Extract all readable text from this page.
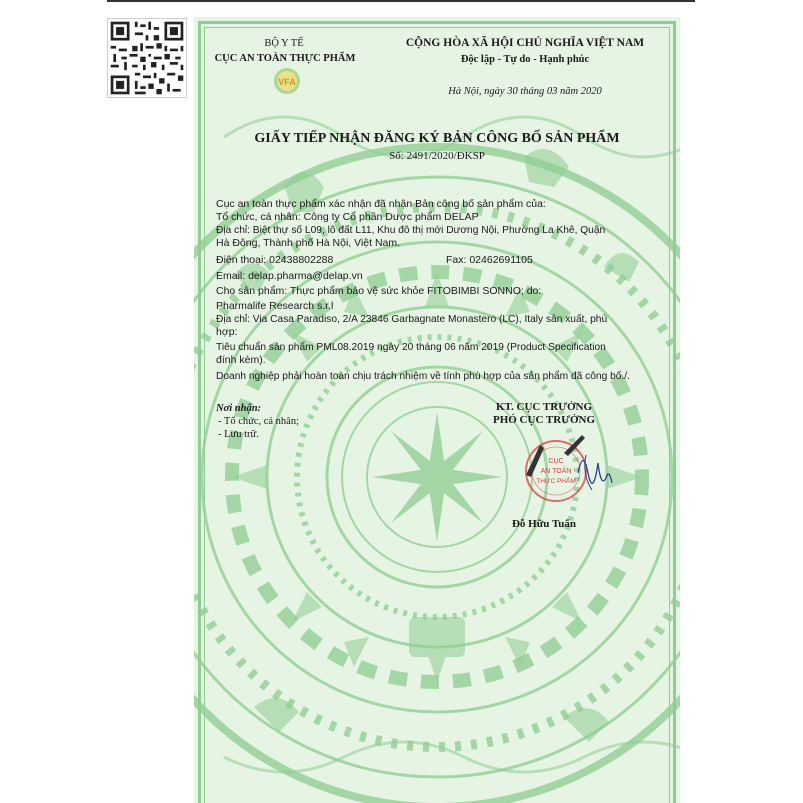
BỘ Y TẾ
CỤC AN TOÀN THỰC PHẨM
VFA
CỘNG HÒA XÃ HỘI CHỦ NGHĨA VIỆT NAM
Độc lập - Tự do - Hạnh phúc
Hà Nội, ngày 30 tháng 03 năm 2020
GIẤY TIẾP NHẬN ĐĂNG KÝ BẢN CÔNG BỐ SẢN PHẨM
Số: 2491/2020/ĐKSP
Cục an toàn thực phẩm xác nhận đã nhận Bản công bố sản phẩm của:
Tổ chức, cá nhân: Công ty Cổ phần Dược phẩm DELAP
Địa chỉ: Biệt thự số L09, lô đất L11, Khu đô thị mới Dương Nội, Phường La Khê, Quận
Hà Đông, Thành phố Hà Nội, Việt Nam.
Điện thoại: 02438802288	Fax: 02462691105
Email: delap.pharma@delap.vn
Cho sản phẩm: Thực phẩm bảo vệ sức khỏe FITOBIMBI SONNO; do:
Pharmalife Research s.r.l
Địa chỉ: Via Casa Paradiso, 2/A 23846 Garbagnate Monastero (LC), Italy sản xuất, phù
hợp:
Tiêu chuẩn sản phẩm PML08.2019 ngày 20 tháng 06 năm 2019 (Product Specification
đính kèm).
Doanh nghiệp phải hoàn toàn chịu trách nhiệm về tính phù hợp của sản phẩm đã công bố./.
Nơi nhận:
- Tổ chức, cá nhân;
- Lưu trữ.
KT. CỤC TRƯỞNG
PHÓ CỤC TRƯỞNG
CỤC
AN TOÀN
THỰC PHẨM
Đỗ Hữu Tuấn
